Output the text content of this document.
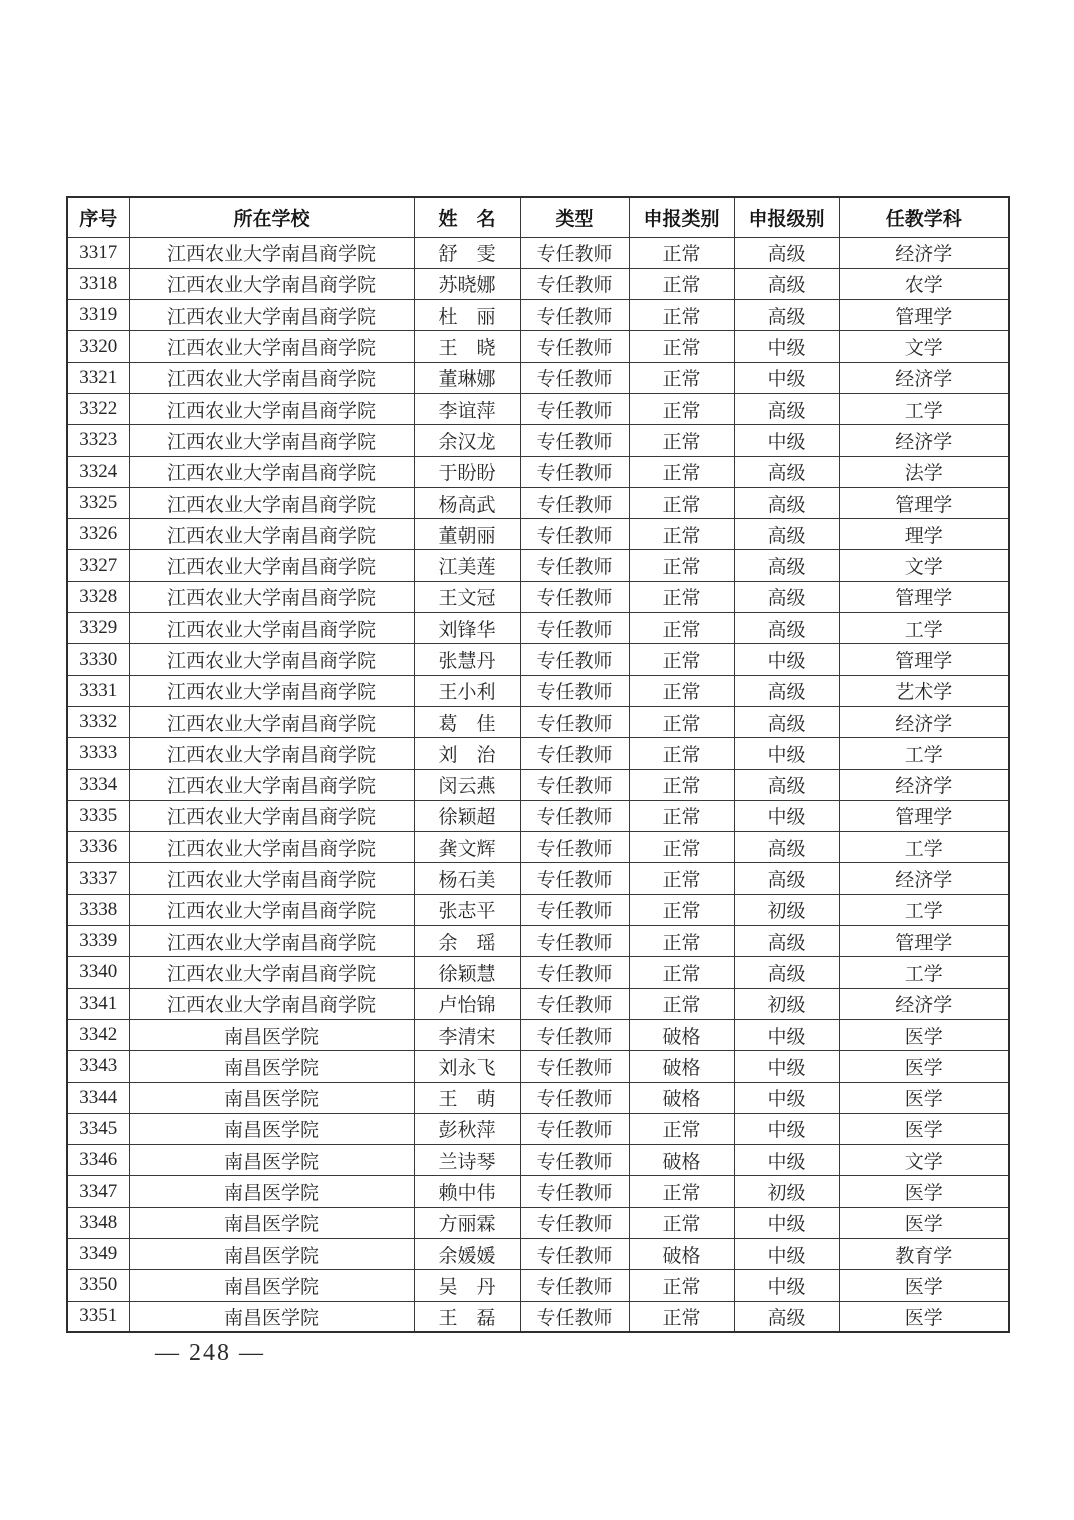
序号	所在学校	姓　名	类型	申报类别	申报级别	任教学科
3317	江西农业大学南昌商学院	舒　雯	专任教师	正常	高级	经济学
3318	江西农业大学南昌商学院	苏晓娜	专任教师	正常	高级	农学
3319	江西农业大学南昌商学院	杜　丽	专任教师	正常	高级	管理学
3320	江西农业大学南昌商学院	王　晓	专任教师	正常	中级	文学
3321	江西农业大学南昌商学院	董琳娜	专任教师	正常	中级	经济学
3322	江西农业大学南昌商学院	李谊萍	专任教师	正常	高级	工学
3323	江西农业大学南昌商学院	余汉龙	专任教师	正常	中级	经济学
3324	江西农业大学南昌商学院	于盼盼	专任教师	正常	高级	法学
3325	江西农业大学南昌商学院	杨高武	专任教师	正常	高级	管理学
3326	江西农业大学南昌商学院	董朝丽	专任教师	正常	高级	理学
3327	江西农业大学南昌商学院	江美莲	专任教师	正常	高级	文学
3328	江西农业大学南昌商学院	王文冠	专任教师	正常	高级	管理学
3329	江西农业大学南昌商学院	刘锋华	专任教师	正常	高级	工学
3330	江西农业大学南昌商学院	张慧丹	专任教师	正常	中级	管理学
3331	江西农业大学南昌商学院	王小利	专任教师	正常	高级	艺术学
3332	江西农业大学南昌商学院	葛　佳	专任教师	正常	高级	经济学
3333	江西农业大学南昌商学院	刘　治	专任教师	正常	中级	工学
3334	江西农业大学南昌商学院	闵云燕	专任教师	正常	高级	经济学
3335	江西农业大学南昌商学院	徐颖超	专任教师	正常	中级	管理学
3336	江西农业大学南昌商学院	龚文辉	专任教师	正常	高级	工学
3337	江西农业大学南昌商学院	杨石美	专任教师	正常	高级	经济学
3338	江西农业大学南昌商学院	张志平	专任教师	正常	初级	工学
3339	江西农业大学南昌商学院	余　瑶	专任教师	正常	高级	管理学
3340	江西农业大学南昌商学院	徐颖慧	专任教师	正常	高级	工学
3341	江西农业大学南昌商学院	卢怡锦	专任教师	正常	初级	经济学
3342	南昌医学院	李清宋	专任教师	破格	中级	医学
3343	南昌医学院	刘永飞	专任教师	破格	中级	医学
3344	南昌医学院	王　萌	专任教师	破格	中级	医学
3345	南昌医学院	彭秋萍	专任教师	正常	中级	医学
3346	南昌医学院	兰诗琴	专任教师	破格	中级	文学
3347	南昌医学院	赖中伟	专任教师	正常	初级	医学
3348	南昌医学院	方丽霖	专任教师	正常	中级	医学
3349	南昌医学院	余媛媛	专任教师	破格	中级	教育学
3350	南昌医学院	吴　丹	专任教师	正常	中级	医学
3351	南昌医学院	王　磊	专任教师	正常	高级	医学
— 248 —
